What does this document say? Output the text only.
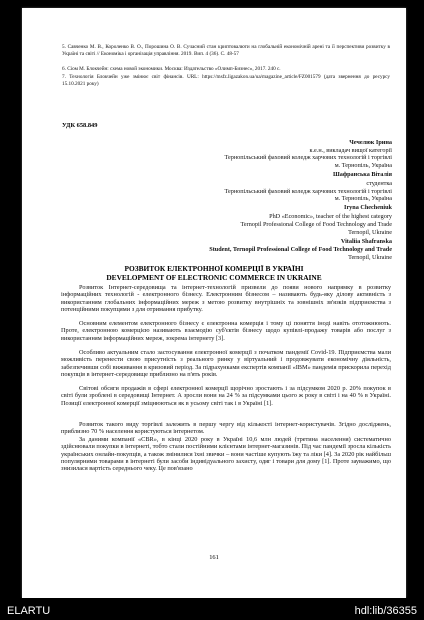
5. Савченко М. В., Короленко В. О., Порошина О. В. Сучасний стан криптовалюти на глобальній економічній арені та її перспективи розвитку в Україні та світі // Економіка і організація управління. 2019. Вип. 4 (36). С. 48-57
6. Сіом М. Блокчейн: схема новой экономики. Москва: Издательство «Олимп-Бизнес», 2017. 240 с.
7. Технологія Блокчейн уже змінює світ фінансів. URL: https://msfz.ligazakon.ua/ua/magazine_article/FZ001579 (дата звернення до ресурсу 15.10.2021 року)
УДК 658.849
Чечелюк Ірина
к.е.н., викладач вищої категорії
Тернопільський фаховий коледж харчових технологій і торгівлі
м. Тернопіль, Україна
Шафранська Віталія
студентка
Тернопільський фаховий коледж харчових технологій і торгівлі
м. Тернопіль, Україна
Iryna Checheniuk
PhD «Economic», teacher of the highest category
Ternopil Professional College of Food Technology and Trade
Ternopil, Ukraine
Vitaliia Shafranska
Student, Ternopil Professional College of Food Technology and Trade
Ternopil, Ukraine
РОЗВИТОК ЕЛЕКТРОННОЇ КОМЕРЦІЇ В УКРАЇНІ
DEVELOPMENT OF ELECTRONIC COMMERCE IN UKRAINE
Розвиток Інтернет-середовища та інтернет-технологій призвели до появи нового напрямку в розвитку інформаційних технологій - електронного бізнесу. Електронним бізнесом – називають будь-яку ділову активність з використанням глобальних інформаційних мереж з метою розвитку внутрішніх та зовнішніх зв'язків підприємства з потенційними покупцями з для отримання прибутку.
Основним елементом електронного бізнесу є електронна комерція і тому ці поняття іноді навіть ототожнюють. Проте, електронною комерцією називають взаємодію суб'єктів бізнесу щодо купівлі-продажу товарів або послуг з використанням інформаційних мереж, зокрема інтернету [3].
Особливо актуальним стало застосування електронної комерції з початком пандемії Covid-19. Підприємства мали можливість перенести свою присутність з реального ринку у віртуальний і продовжувати економічну діяльність, забезпечивши собі виживання в кризовий період. За підрахунками експертів компанії «IBM» пандемія прискорила перехід покупців в інтернет-середовище приблизно на п'ять років.
Світові обсяги продажів в сфері електронної комерції щорічно зростають і за підсумком 2020 р. 20% покупок в світі були зроблені в середовищі Інтернет. А зросли вони на 24 % за підсумками цього ж року в світі і на 40 % в Україні. Позиції електронної комерції зміцнюються як в усьому світі так і в Україні [1].
Розвиток такого виду торгівлі залежить в першу чергу від кількості інтернет-користувачів. Згідно досліджень, приблизно 70 % населення користуються інтернетом.
За даними компанії «CBR», в кінці 2020 року в Україні 10,6 млн людей (третина населення) систематично здійснювали покупки в інтернеті, тобто стали постійними клієнтами інтернет-магазинів. Під час пандемії зросла кількість українських онлайн-покупців, а також змінилися їхні звички – вони частіше купують їжу та ліки [4]. За 2020 рік найбільш популярними товарами в інтернеті були засоби індивідуального захисту, одяг і товари для дому [1]. Проте зауважимо, що знизилася вартість середнього чеку. Це пов'язано
161
ELARTU	hdl:lib/36355
